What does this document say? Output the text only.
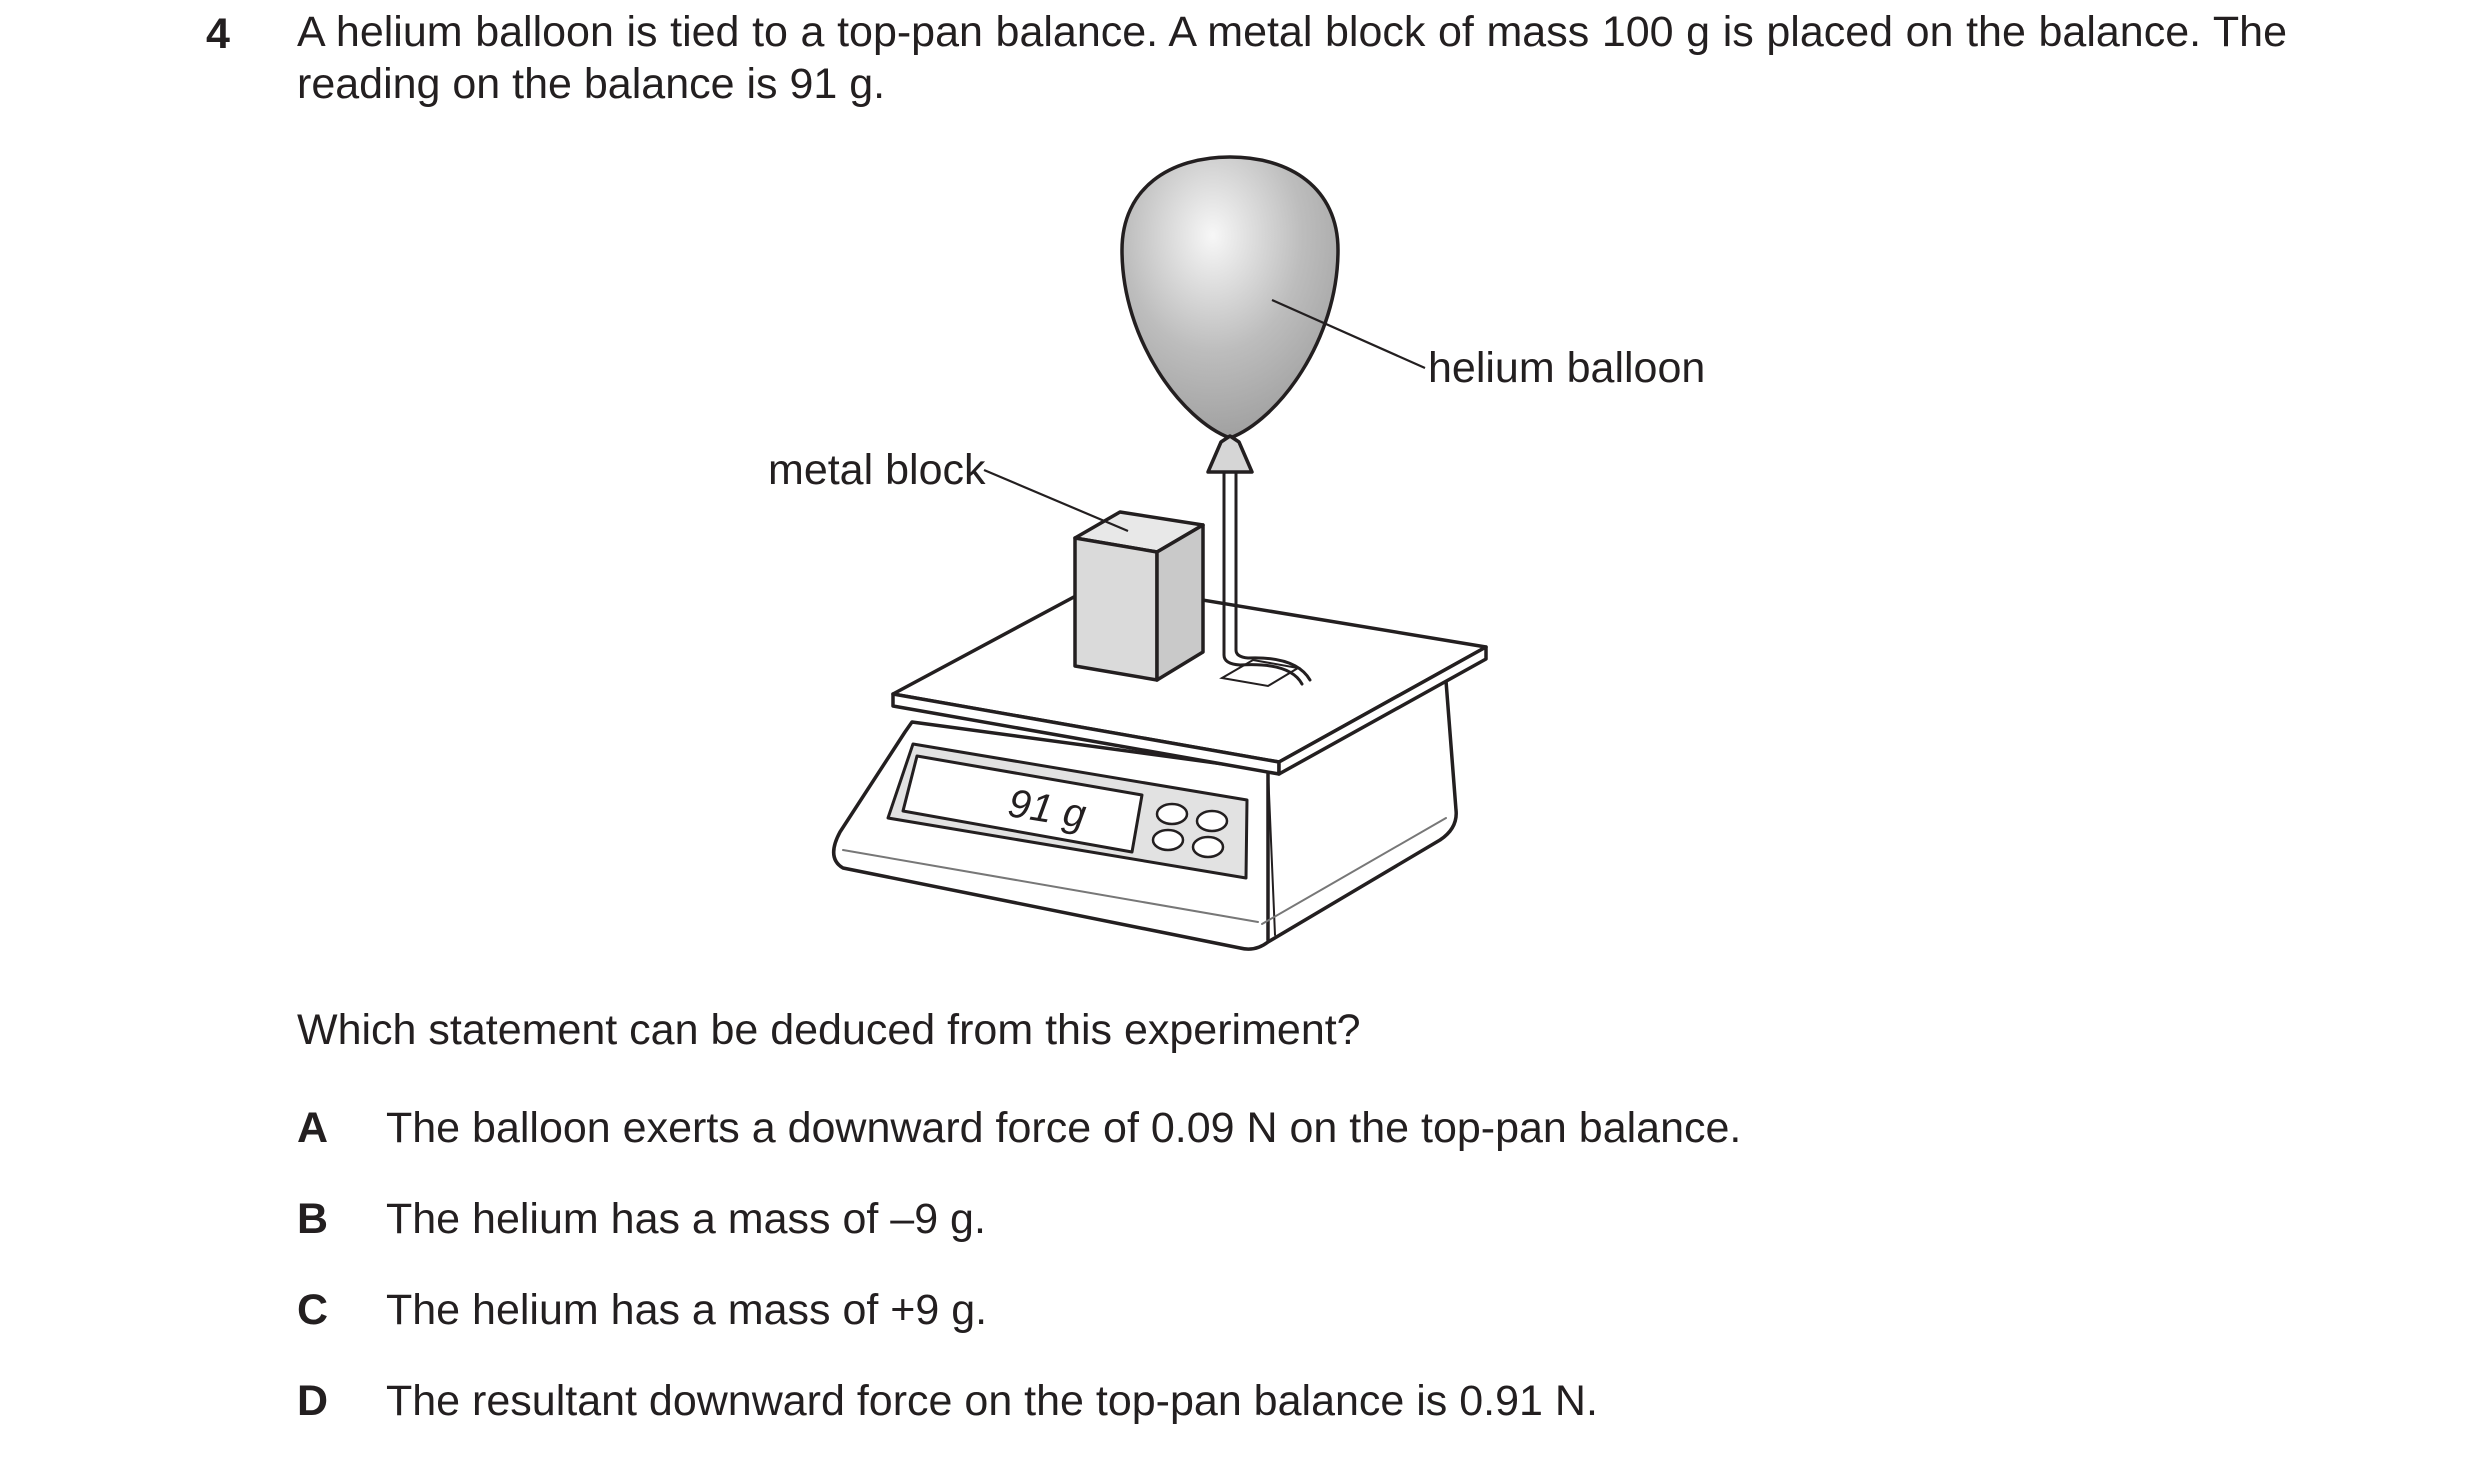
4 A helium balloon is tied to a top-pan balance. A metal block of mass 100 g is placed on the balance. The reading on the balance is 91 g.
91 g
helium balloon
metal block
Which statement can be deduced from this experiment?
A The balloon exerts a downward force of 0.09 N on the top-pan balance.
B The helium has a mass of –9 g.
C The helium has a mass of +9 g.
D The resultant downward force on the top-pan balance is 0.91 N.
